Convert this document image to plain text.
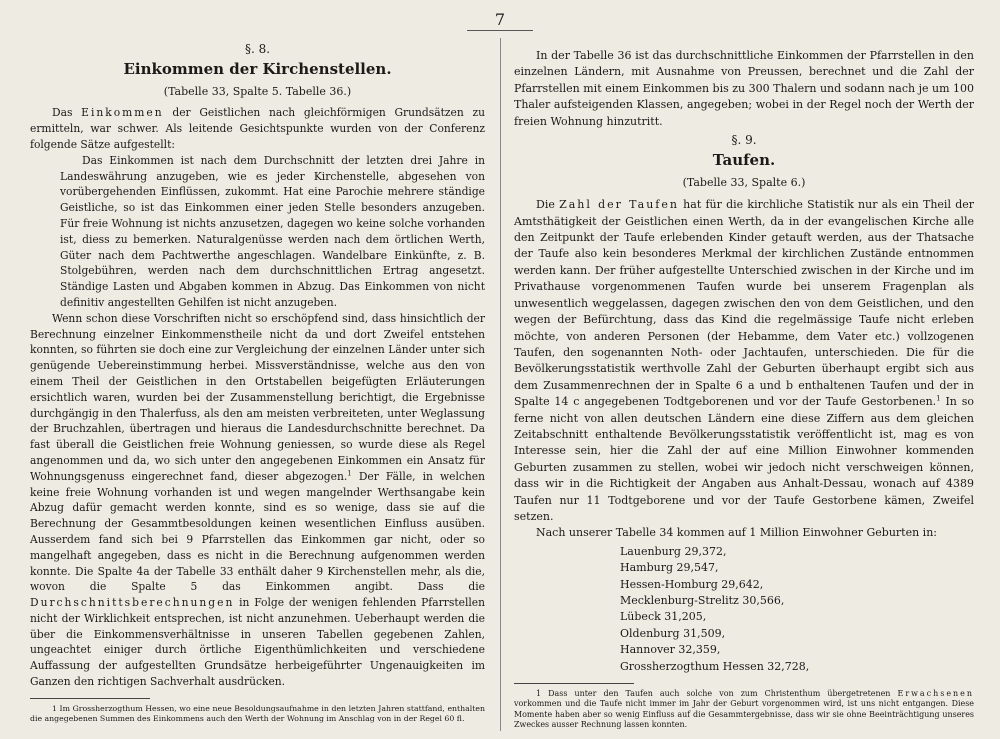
7
§. 8.
Einkommen der Kirchenstellen.
(Tabelle 33, Spalte 5. Tabelle 36.)

Das Einkommen der Geistlichen nach gleichförmigen Grundsätzen zu ermitteln, war schwer. Als leitende Gesichtspunkte wurden von der Conferenz folgende Sätze aufgestellt:

Das Einkommen ist nach dem Durchschnitt der letzten drei Jahre in Landeswährung anzugeben, wie es jeder Kirchenstelle, abgesehen von vorübergehenden Einflüssen, zukommt. Hat eine Parochie mehrere ständige Geistliche, so ist das Einkommen einer jeden Stelle besonders anzugeben. Für freie Wohnung ist nichts anzusetzen, dagegen wo keine solche vorhanden ist, diess zu bemerken. Naturalgenüsse werden nach dem örtlichen Werth, Güter nach dem Pachtwerthe angeschlagen. Wandelbare Einkünfte, z. B. Stolgebühren, werden nach dem durchschnittlichen Ertrag angesetzt. Ständige Lasten und Abgaben kommen in Abzug. Das Einkommen von nicht definitiv angestellten Gehilfen ist nicht anzugeben.

Wenn schon diese Vorschriften nicht so erschöpfend sind, dass hinsichtlich der Berechnung einzelner Einkommenstheile nicht da und dort Zweifel entstehen konnten, so führten sie doch eine zur Vergleichung der einzelnen Länder unter sich genügende Uebereinstimmung herbei. Missverständnisse, welche aus den von einem Theil der Geistlichen in den Ortstabellen beigefügten Erläuterungen ersichtlich waren, wurden bei der Zusammenstellung berichtigt, die Ergebnisse durchgängig in den Thalerfuss, als den am meisten verbreiteten, unter Weglassung der Bruchzahlen, übertragen und hieraus die Landesdurchschnitte berechnet. Da fast überall die Geistlichen freie Wohnung geniessen, so wurde diese als Regel angenommen und da, wo sich unter den angegebenen Einkommen ein Ansatz für Wohnungsgenuss eingerechnet fand, dieser abgezogen.$^1$ Der Fälle, in welchen keine freie Wohnung vorhanden ist und wegen mangelnder Werthsangabe kein Abzug dafür gemacht werden konnte, sind es so wenige, dass sie auf die Berechnung der Gesammtbesoldungen keinen wesentlichen Einfluss ausüben. Ausserdem fand sich bei 9 Pfarrstellen das Einkommen gar nicht, oder so mangelhaft angegeben, dass es nicht in die Berechnung aufgenommen werden konnte. Die Spalte 4a der Tabelle 33 enthält daher 9 Kirchenstellen mehr, als die, wovon die Spalte 5 das Einkommen angibt. Dass die Durchschnittsberechnungen in Folge der wenigen fehlenden Pfarrstellen nicht der Wirklichkeit entsprechen, ist nicht anzunehmen. Ueberhaupt werden die über die Einkommensverhältnisse in unseren Tabellen gegebenen Zahlen, ungeachtet einiger durch örtliche Eigenthümlichkeiten und verschiedene Auffassung der aufgestellten Grundsätze herbeigeführter Ungenauigkeiten im Ganzen den richtigen Sachverhalt ausdrücken.

1 Im Grossherzogthum Hessen, wo eine neue Besoldungsaufnahme in den letzten Jahren stattfand, enthalten die angegebenen Summen des Einkommens auch den Werth der Wohnung im Anschlag von in der Regel 60 fl.

In der Tabelle 36 ist das durchschnittliche Einkommen der Pfarrstellen in den einzelnen Ländern, mit Ausnahme von Preussen, berechnet und die Zahl der Pfarrstellen mit einem Einkommen bis zu 300 Thalern und sodann nach je um 100 Thaler aufsteigenden Klassen, angegeben; wobei in der Regel noch der Werth der freien Wohnung hinzutritt.

§. 9.
Taufen.
(Tabelle 33, Spalte 6.)

Die Zahl der Taufen hat für die kirchliche Statistik nur als ein Theil der Amtsthätigkeit der Geistlichen einen Werth, da in der evangelischen Kirche alle den Zeitpunkt der Taufe erlebenden Kinder getauft werden, aus der Thatsache der Taufe also kein besonderes Merkmal der kirchlichen Zustände entnommen werden kann. Der früher aufgestellte Unterschied zwischen in der Kirche und im Privathause vorgenommenen Taufen wurde bei unserem Fragenplan als unwesentlich weggelassen, dagegen zwischen den von dem Geistlichen, und den wegen der Befürchtung, dass das Kind die regelmässige Taufe nicht erleben möchte, von anderen Personen (der Hebamme, dem Vater etc.) vollzogenen Taufen, den sogenannten Noth- oder Jachtaufen, unterschieden. Die für die Bevölkerungsstatistik werthvolle Zahl der Geburten überhaupt ergibt sich aus dem Zusammenrechnen der in Spalte 6 a und b enthaltenen Taufen und der in Spalte 14 c angegebenen Todtgeborenen und vor der Taufe Gestorbenen.$^1$ In so ferne nicht von allen deutschen Ländern eine diese Ziffern aus dem gleichen Zeitabschnitt enthaltende Bevölkerungsstatistik veröffentlicht ist, mag es von Interesse sein, hier die Zahl der auf eine Million Einwohner kommenden Geburten zusammen zu stellen, wobei wir jedoch nicht verschweigen können, dass wir in die Richtigkeit der Angaben aus Anhalt-Dessau, wonach auf 4389 Taufen nur 11 Todtgeborene und vor der Taufe Gestorbene kämen, Zweifel setzen.

Nach unserer Tabelle 34 kommen auf 1 Million Einwohner Geburten in:

Lauenburg 29,372,
Hamburg 29,547,
Hessen-Homburg 29,642,
Mecklenburg-Strelitz 30,566,
Lübeck 31,205,
Oldenburg 31,509,
Hannover 32,359,
Grossherzogthum Hessen 32,728,

1 Dass unter den Taufen auch solche von zum Christenthum übergetretenen Erwachsenen vorkommen und die Taufe nicht immer im Jahr der Geburt vorgenommen wird, ist uns nicht entgangen. Diese Momente haben aber so wenig Einfluss auf die Gesammtergebnisse, dass wir sie ohne Beeinträchtigung unseres Zweckes ausser Rechnung lassen konnten.
